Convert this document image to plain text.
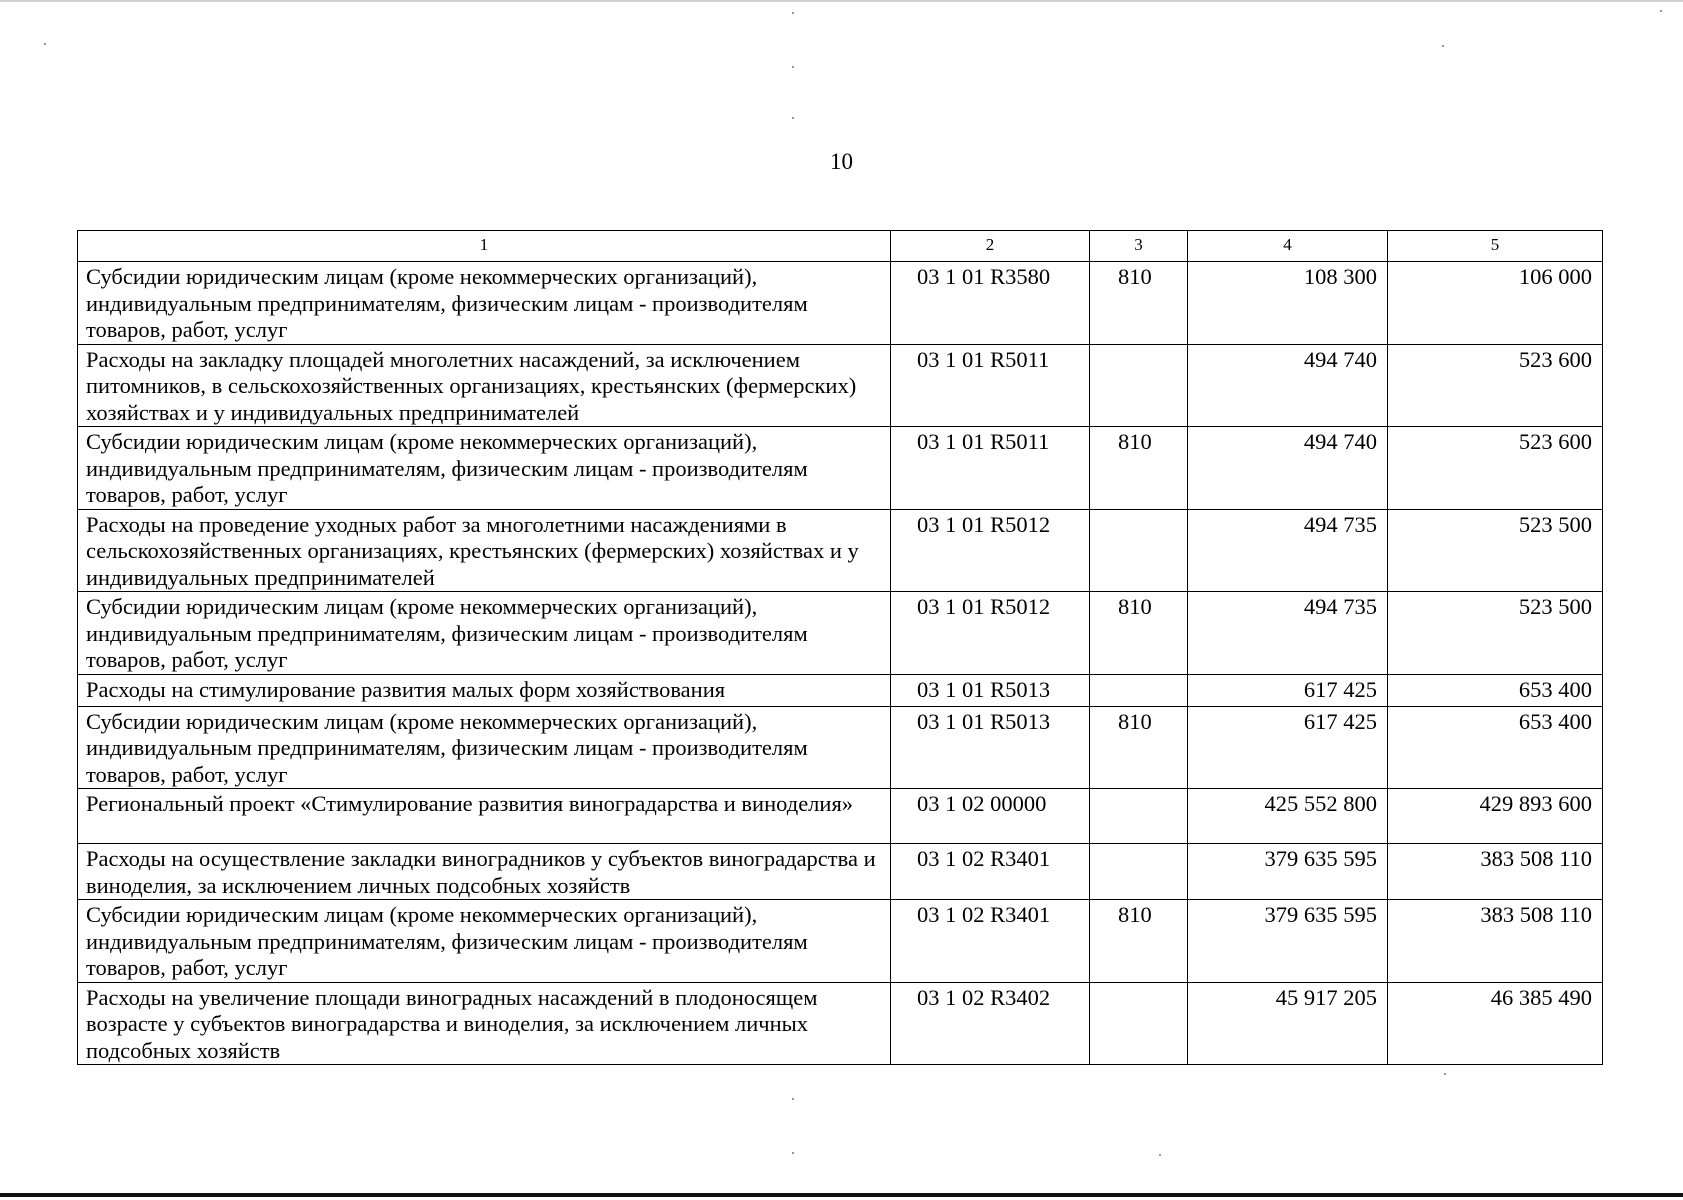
10
1	2	3	4	5
Субсидии юридическим лицам (кроме некоммерческих организаций), индивидуальным предпринимателям, физическим лицам - производителям товаров, работ, услуг	03 1 01 R3580	810	108 300	106 000
Расходы на закладку площадей многолетних насаждений, за исключением питомников, в сельскохозяйственных организациях, крестьянских (фермерских) хозяйствах и у индивидуальных предпринимателей	03 1 01 R5011		494 740	523 600
Субсидии юридическим лицам (кроме некоммерческих организаций), индивидуальным предпринимателям, физическим лицам - производителям товаров, работ, услуг	03 1 01 R5011	810	494 740	523 600
Расходы на проведение уходных работ за многолетними насаждениями в сельскохозяйственных организациях, крестьянских (фермерских) хозяйствах и у индивидуальных предпринимателей	03 1 01 R5012		494 735	523 500
Субсидии юридическим лицам (кроме некоммерческих организаций), индивидуальным предпринимателям, физическим лицам - производителям товаров, работ, услуг	03 1 01 R5012	810	494 735	523 500
Расходы на стимулирование развития малых форм хозяйствования	03 1 01 R5013		617 425	653 400
Субсидии юридическим лицам (кроме некоммерческих организаций), индивидуальным предпринимателям, физическим лицам - производителям товаров, работ, услуг	03 1 01 R5013	810	617 425	653 400
Региональный проект «Стимулирование развития виноградарства и виноделия»	03 1 02 00000		425 552 800	429 893 600
Расходы на осуществление закладки виноградников у субъектов виноградарства и виноделия, за исключением личных подсобных хозяйств	03 1 02 R3401		379 635 595	383 508 110
Субсидии юридическим лицам (кроме некоммерческих организаций), индивидуальным предпринимателям, физическим лицам - производителям товаров, работ, услуг	03 1 02 R3401	810	379 635 595	383 508 110
Расходы на увеличение площади виноградных насаждений в плодоносящем возрасте у субъектов виноградарства и виноделия, за исключением личных подсобных хозяйств	03 1 02 R3402		45 917 205	46 385 490
